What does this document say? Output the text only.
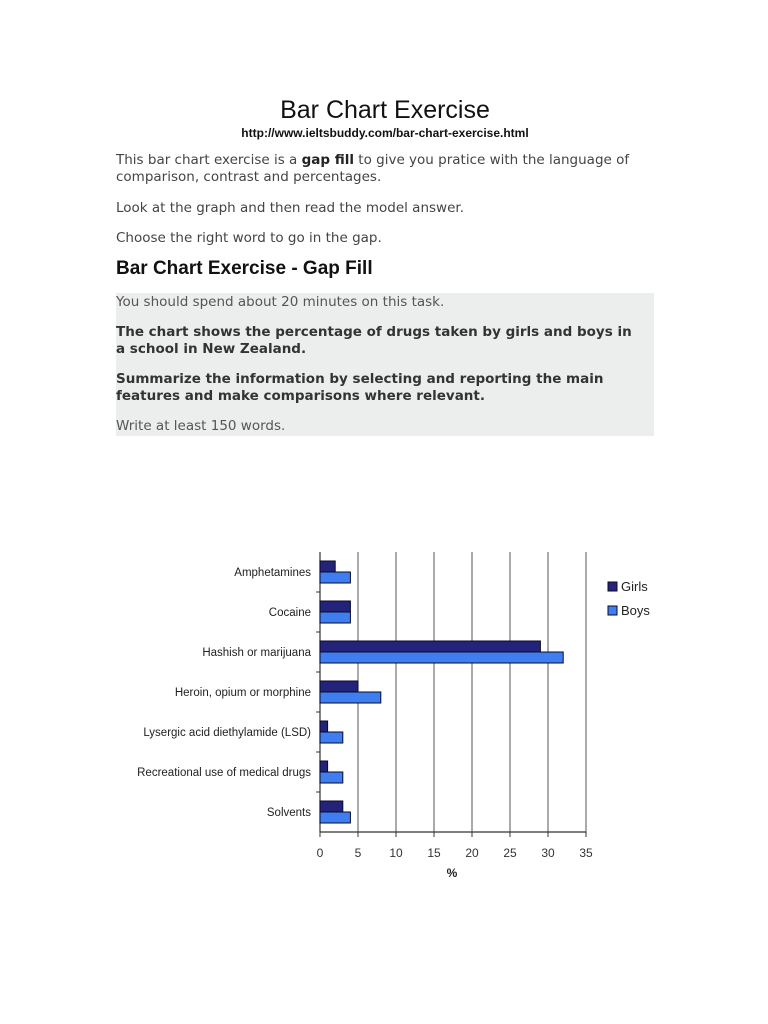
Bar Chart Exercise
http://www.ieltsbuddy.com/bar-chart-exercise.html

This bar chart exercise is a gap fill to give you pratice with the language of comparison, contrast and percentages.

Look at the graph and then read the model answer.

Choose the right word to go in the gap.

Bar Chart Exercise - Gap Fill

You should spend about 20 minutes on this task.

The chart shows the percentage of drugs taken by girls and boys in a school in New Zealand.

Summarize the information by selecting and reporting the main features and make comparisons where relevant.

Write at least 150 words.

0	5 10 15 20 25 30 35
Amphetamines
Cocaine
Hashish or marijuana
Heroin, opium or morphine
Lysergic acid diethylamide (LSD)
Recreational use of medical drugs
Solvents
%
Girls
Boys
